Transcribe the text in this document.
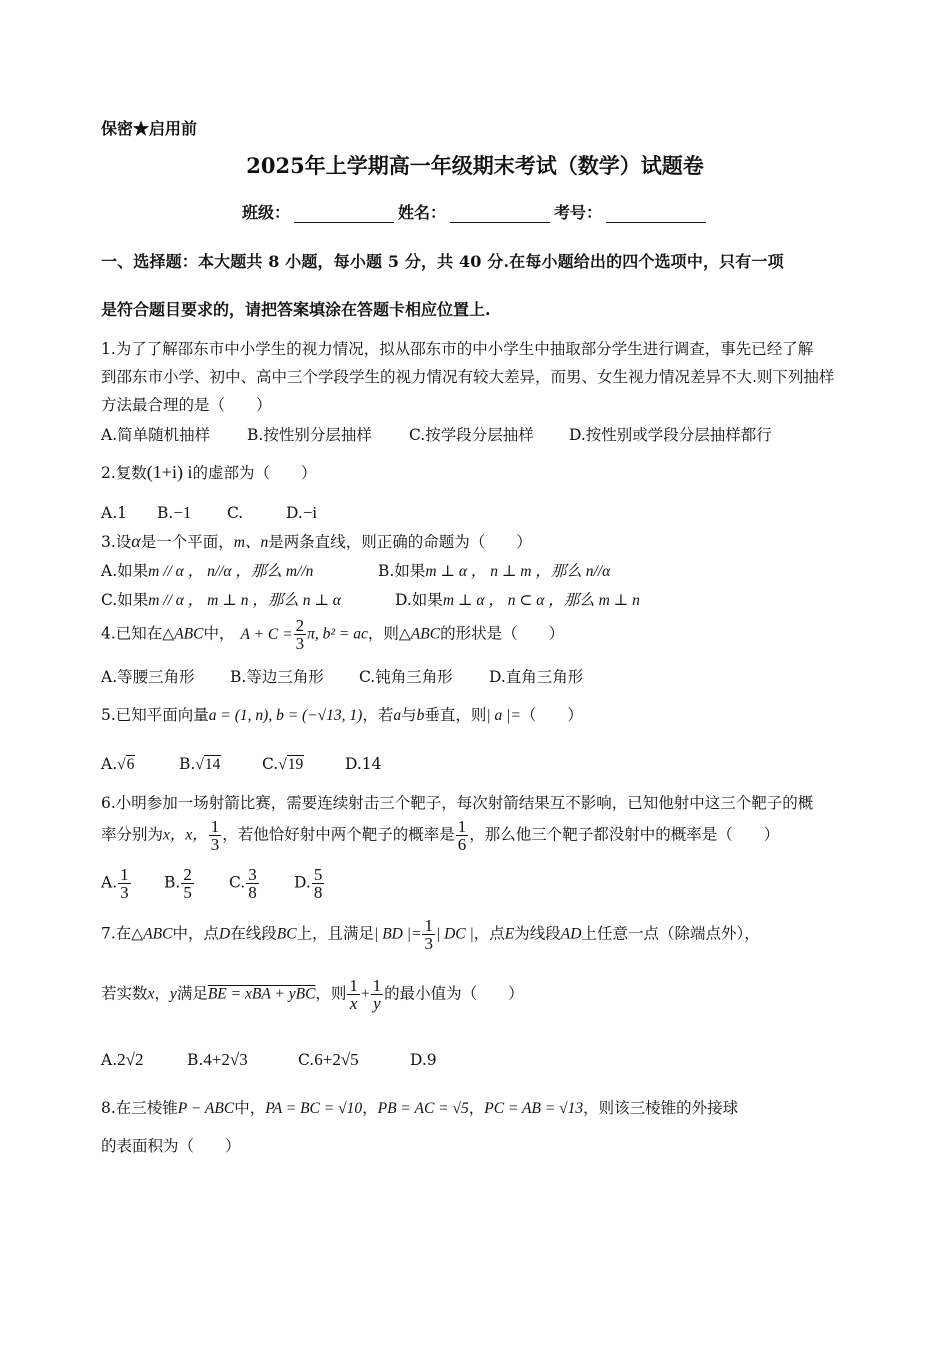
保密★启用前
2025年上学期高一年级期末考试（数学）试题卷
班级：	姓名：	考号：
一、选择题：本大题共 8 小题，每小题 5 分，共 40 分.在每小题给出的四个选项中，只有一项
是符合题目要求的，请把答案填涂在答题卡相应位置上.
1.为了了解邵东市中小学生的视力情况，拟从邵东市的中小学生中抽取部分学生进行调查，事先已经了解
到邵东市小学、初中、高中三个学段学生的视力情况有较大差异，而男、女生视力情况差异不大.则下列抽样
方法最合理的是（　　）
A.简单随机抽样 B.按性别分层抽样 C.按学段分层抽样 D.按性别或学段分层抽样都行
2.复数(1+i) i的虚部为（　　）
A.1 B.−1 C.	D.−i
3.设α是一个平面，m、n是两条直线，则正确的命题为（　　）
A.如果m // α ， n//α ，那么 m//n	B.如果m ⊥ α ， n ⊥ m ，那么 n//α
C.如果m // α ， m ⊥ n ，那么 n ⊥ α	D.如果m ⊥ α ， n ⊂ α ，那么 m ⊥ n
4.已知在△ABC中， $A + C = \frac{2}{3} \pi$, b² = ac，则△ABC的形状是（　　）
A.等腰三角形 B.等边三角形 C.钝角三角形 D.直角三角形
5.已知平面向量a = (1, n), b = (−√13, 1)，若a与b垂直，则| a |=（　　）
A.√6	B.√14	C.√19	D.14
6.小明参加一场射箭比赛，需要连续射击三个靶子，每次射箭结果互不影响，已知他射中这三个靶子的概
率分别为x，x， $\frac{1}{3}$ ，若他恰好射中两个靶子的概率是 $\frac{1}{6}$ ，那么他三个靶子都没射中的概率是（　　）
A. $\frac{1}{3} B$. $\frac{2}{5} C$. $\frac{3}{8} D$. $\frac{5}{8}$
7.在△ABC中，点D在线段BC上，且满足| BD |= $\frac{1}{3}$ | DC |，点E为线段AD上任意一点（除端点外），
若实数x，y满足BE = xBA + yBC，则 $\frac{1}{x} + \frac{1}{y}$ 的最小值为（　　）
A.2√2	B.4+2√3	C.6+2√5	D.9
8.在三棱锥P − ABC中，PA = BC = √10，PB = AC = √5，PC = AB = √13，则该三棱锥的外接球
的表面积为（　　）
